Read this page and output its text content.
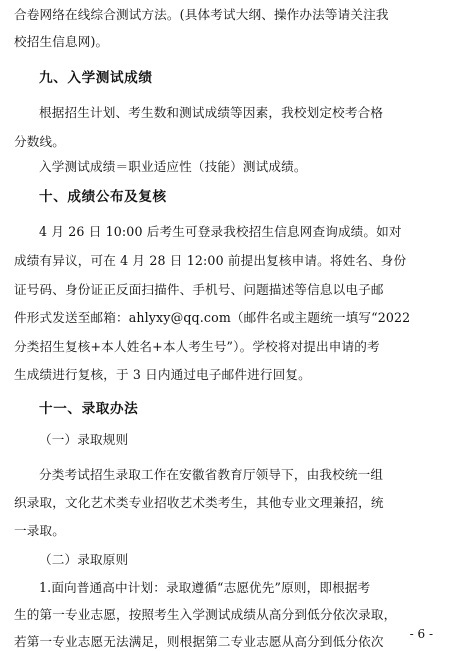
合卷网络在线综合测试方法。(具体考试大纲、操作办法等请关注我
校招生信息网)。
九、入学测试成绩
根据招生计划、考生数和测试成绩等因素，我校划定校考合格
分数线。
入学测试成绩＝职业适应性（技能）测试成绩。
十、成绩公布及复核
4 月 26 日 10:00 后考生可登录我校招生信息网查询成绩。如对
成绩有异议，可在 4 月 28 日 12:00 前提出复核申请。将姓名、身份
证号码、身份证正反面扫描件、手机号、问题描述等信息以电子邮
件形式发送至邮箱：ahlyxy@qq.com（邮件名或主题统一填写“2022
分类招生复核+本人姓名+本人考生号”）。学校将对提出申请的考
生成绩进行复核，于 3 日内通过电子邮件进行回复。
十一、录取办法
（一）录取规则
分类考试招生录取工作在安徽省教育厅领导下，由我校统一组
织录取，文化艺术类专业招收艺术类考生，其他专业文理兼招，统
一录取。
（二）录取原则
1.面向普通高中计划：录取遵循“志愿优先”原则，即根据考
生的第一专业志愿，按照考生入学测试成绩从高分到低分依次录取，
若第一专业志愿无法满足，则根据第二专业志愿从高分到低分依次	- 6 -
